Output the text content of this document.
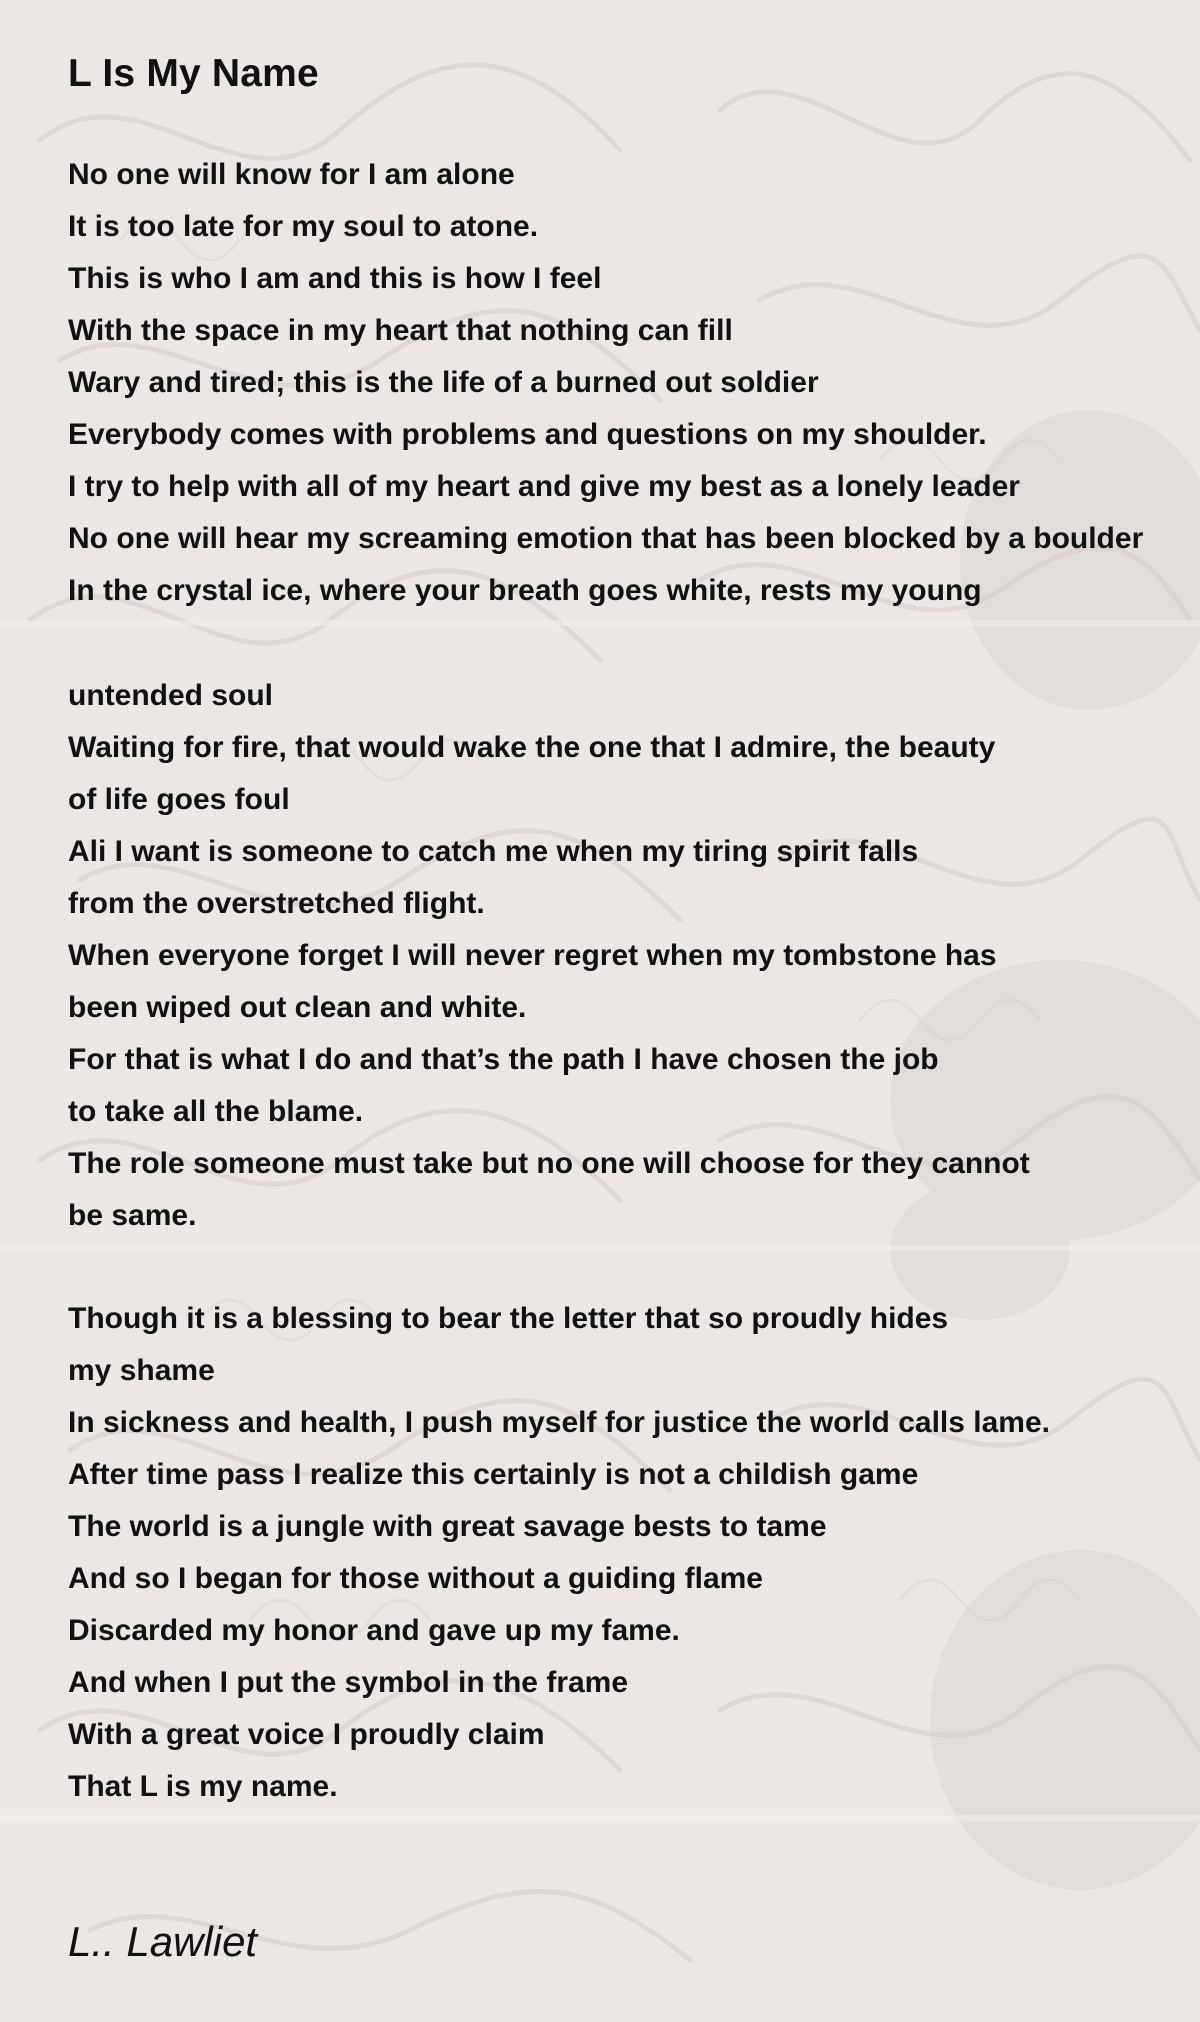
L Is My Name
No one will know for I am alone
It is too late for my soul to atone.
This is who I am and this is how I feel
With the space in my heart that nothing can fill
Wary and tired; this is the life of a burned out soldier
Everybody comes with problems and questions on my shoulder.
I try to help with all of my heart and give my best as a lonely leader
No one will hear my screaming emotion that has been blocked by a boulder
In the crystal ice, where your breath goes white, rests my young
untended soul
Waiting for fire, that would wake the one that I admire, the beauty
of life goes foul
Ali I want is someone to catch me when my tiring spirit falls
from the overstretched flight.
When everyone forget I will never regret when my tombstone has
been wiped out clean and white.
For that is what I do and that’s the path I have chosen the job
to take all the blame.
The role someone must take but no one will choose for they cannot
be same.
Though it is a blessing to bear the letter that so proudly hides
my shame
In sickness and health, I push myself for justice the world calls lame.
After time pass I realize this certainly is not a childish game
The world is a jungle with great savage bests to tame
And so I began for those without a guiding flame
Discarded my honor and gave up my fame.
And when I put the symbol in the frame
With a great voice I proudly claim
That L is my name.
L.. Lawliet
